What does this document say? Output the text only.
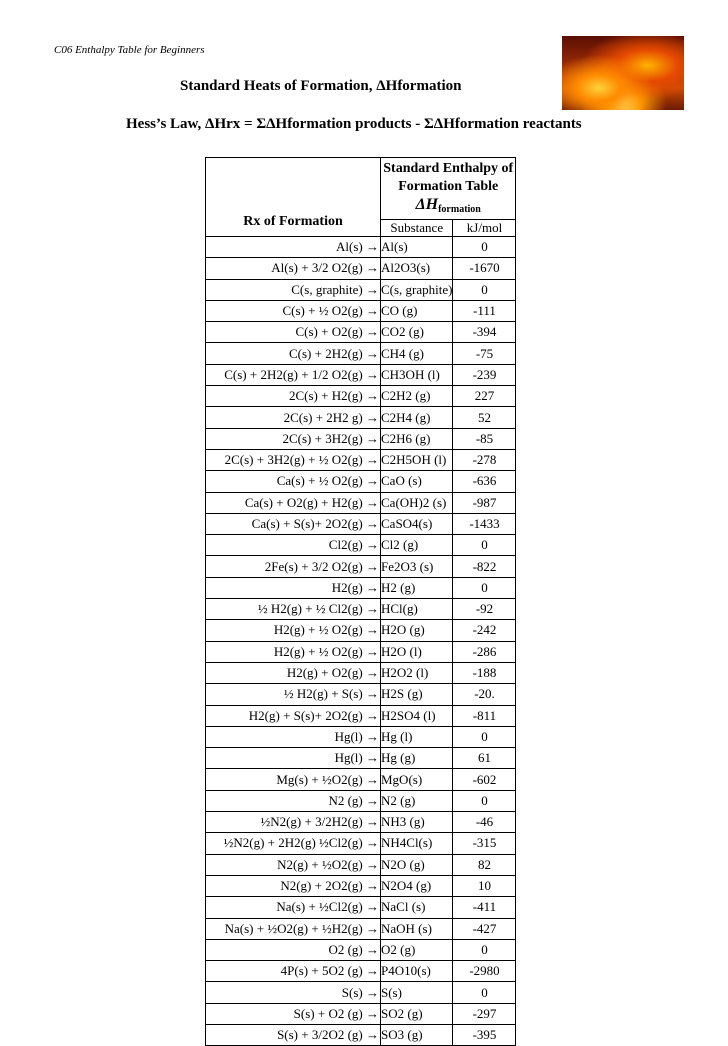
C06 Enthalpy Table for Beginners
Standard Heats of Formation, ΔHformation
Hess’s Law, ΔHrx = ΣΔHformation products - ΣΔHformation reactants
Rx of Formation	Standard Enthalpy of
Formation Table
$\Delta H_{formation}$

	Substance	kJ/mol
Al(s) →	Al(s)	0
Al(s) + 3/2 O2(g) →	Al2O3(s)	-1670
C(s, graphite) →	C(s, graphite)	0
C(s) + ½ O2(g) →	CO (g)	-111
C(s) + O2(g) →	CO2 (g)	-394
C(s) + 2H2(g) →	CH4 (g)	-75
C(s) + 2H2(g) + 1/2 O2(g) →	CH3OH (l)	-239
2C(s) + H2(g) →	C2H2 (g)	227
2C(s) + 2H2 g) →	C2H4 (g)	52
2C(s) + 3H2(g) →	C2H6 (g)	-85
2C(s) + 3H2(g) + ½ O2(g) →	C2H5OH (l)	-278
Ca(s) + ½ O2(g) →	CaO (s)	-636
Ca(s) + O2(g) + H2(g) →	Ca(OH)2 (s)	-987
Ca(s) + S(s)+ 2O2(g) →	CaSO4(s)	-1433
Cl2(g) →	Cl2 (g)	0
2Fe(s) + 3/2 O2(g) →	Fe2O3 (s)	-822
H2(g) →	H2 (g)	0
½ H2(g) + ½ Cl2(g) →	HCl(g)	-92
H2(g) + ½ O2(g) →	H2O (g)	-242
H2(g) + ½ O2(g) →	H2O (l)	-286
H2(g) + O2(g) →	H2O2 (l)	-188
½ H2(g) + S(s) →	H2S (g)	-20.
H2(g) + S(s)+ 2O2(g) →	H2SO4 (l)	-811
Hg(l) →	Hg (l)	0
Hg(l) →	Hg (g)	61
Mg(s) + ½O2(g) →	MgO(s)	-602
N2 (g) →	N2 (g)	0
½N2(g) + 3/2H2(g) →	NH3 (g)	-46
½N2(g) + 2H2(g) ½Cl2(g) →	NH4Cl(s)	-315
N2(g) + ½O2(g) →	N2O (g)	82
N2(g) + 2O2(g) →	N2O4 (g)	10
Na(s) + ½Cl2(g) →	NaCl (s)	-411
Na(s) + ½O2(g) + ½H2(g) →	NaOH (s)	-427
O2 (g) →	O2 (g)	0
4P(s) + 5O2 (g) →	P4O10(s)	-2980
S(s) →	S(s)	0
S(s) + O2 (g) →	SO2 (g)	-297
S(s) + 3/2O2 (g) →	SO3 (g)	-395
